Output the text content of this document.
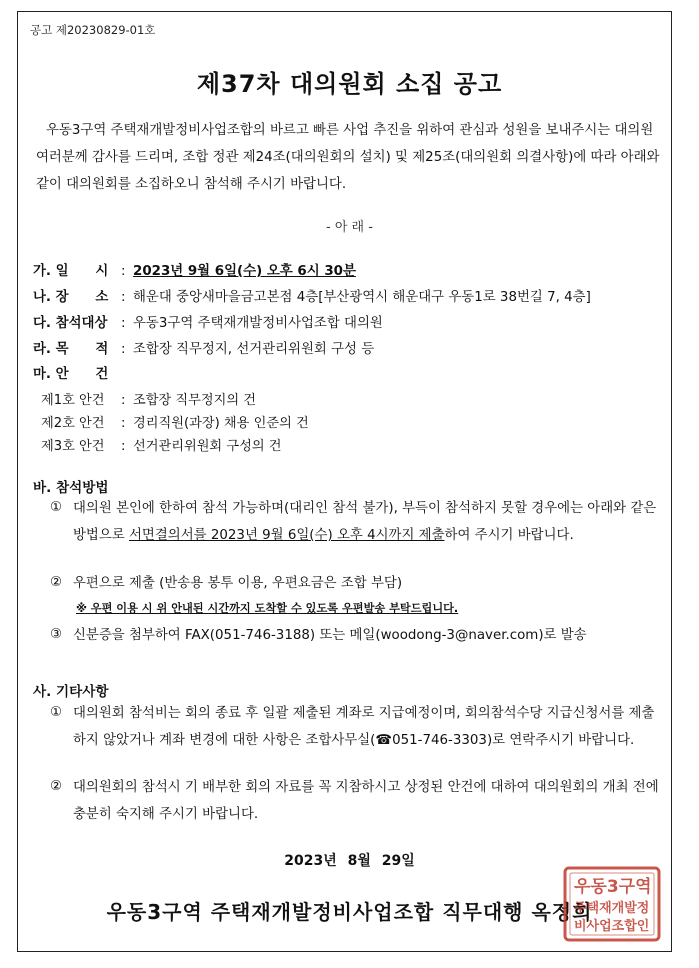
공고 제20230829-01호
제37차 대의원회 소집 공고
우동3구역 주택재개발정비사업조합의 바르고 빠른 사업 추진을 위하여 관심과 성원을 보내주시는 대의원 여러분께 감사를 드리며, 조합 정관 제24조(대의원회의 설치) 및 제25조(대의원회 의결사항)에 따라 아래와 같이 대의원회를 소집하오니 참석해 주시기 바랍니다.
- 아 래 -
가. 일　　시 : 2023년 9월 6일(수) 오후 6시 30분
나. 장　　소 : 해운대 중앙새마을금고본점 4층[부산광역시 해운대구 우동1로 38번길 7, 4층]
다. 참석대상 : 우동3구역 주택재개발정비사업조합 대의원
라. 목　　적 : 조합장 직무정지, 선거관리위원회 구성 등
마. 안　　건
제1호 안건 : 조합장 직무정지의 건
제2호 안건 : 경리직원(과장) 채용 인준의 건
제3호 안건 : 선거관리위원회 구성의 건
바. 참석방법
① 대의원 본인에 한하여 참석 가능하며(대리인 참석 불가), 부득이 참석하지 못할 경우에는 아래와 같은 방법으로 서면결의서를 2023년 9월 6일(수) 오후 4시까지 제출하여 주시기 바랍니다.
② 우편으로 제출 (반송용 봉투 이용, 우편요금은 조합 부담)
※ 우편 이용 시 위 안내된 시간까지 도착할 수 있도록 우편발송 부탁드립니다.
③ 신분증을 첨부하여 FAX(051-746-3188) 또는 메일(woodong-3@naver.com)로 발송
사. 기타사항
① 대의원회 참석비는 회의 종료 후 일괄 제출된 계좌로 지급예정이며, 회의참석수당 지급신청서를 제출하지 않았거나 계좌 변경에 대한 사항은 조합사무실(☎051-746-3303)로 연락주시기 바랍니다.
② 대의원회의 참석시 기 배부한 회의 자료를 꼭 지참하시고 상정된 안건에 대하여 대의원회의 개최 전에 충분히 숙지해 주시기 바랍니다.
2023년 8월 29일
우동3구역 주택재개발정비사업조합 직무대행 옥정희
우동3구역
주택재개발정
비사업조합인
